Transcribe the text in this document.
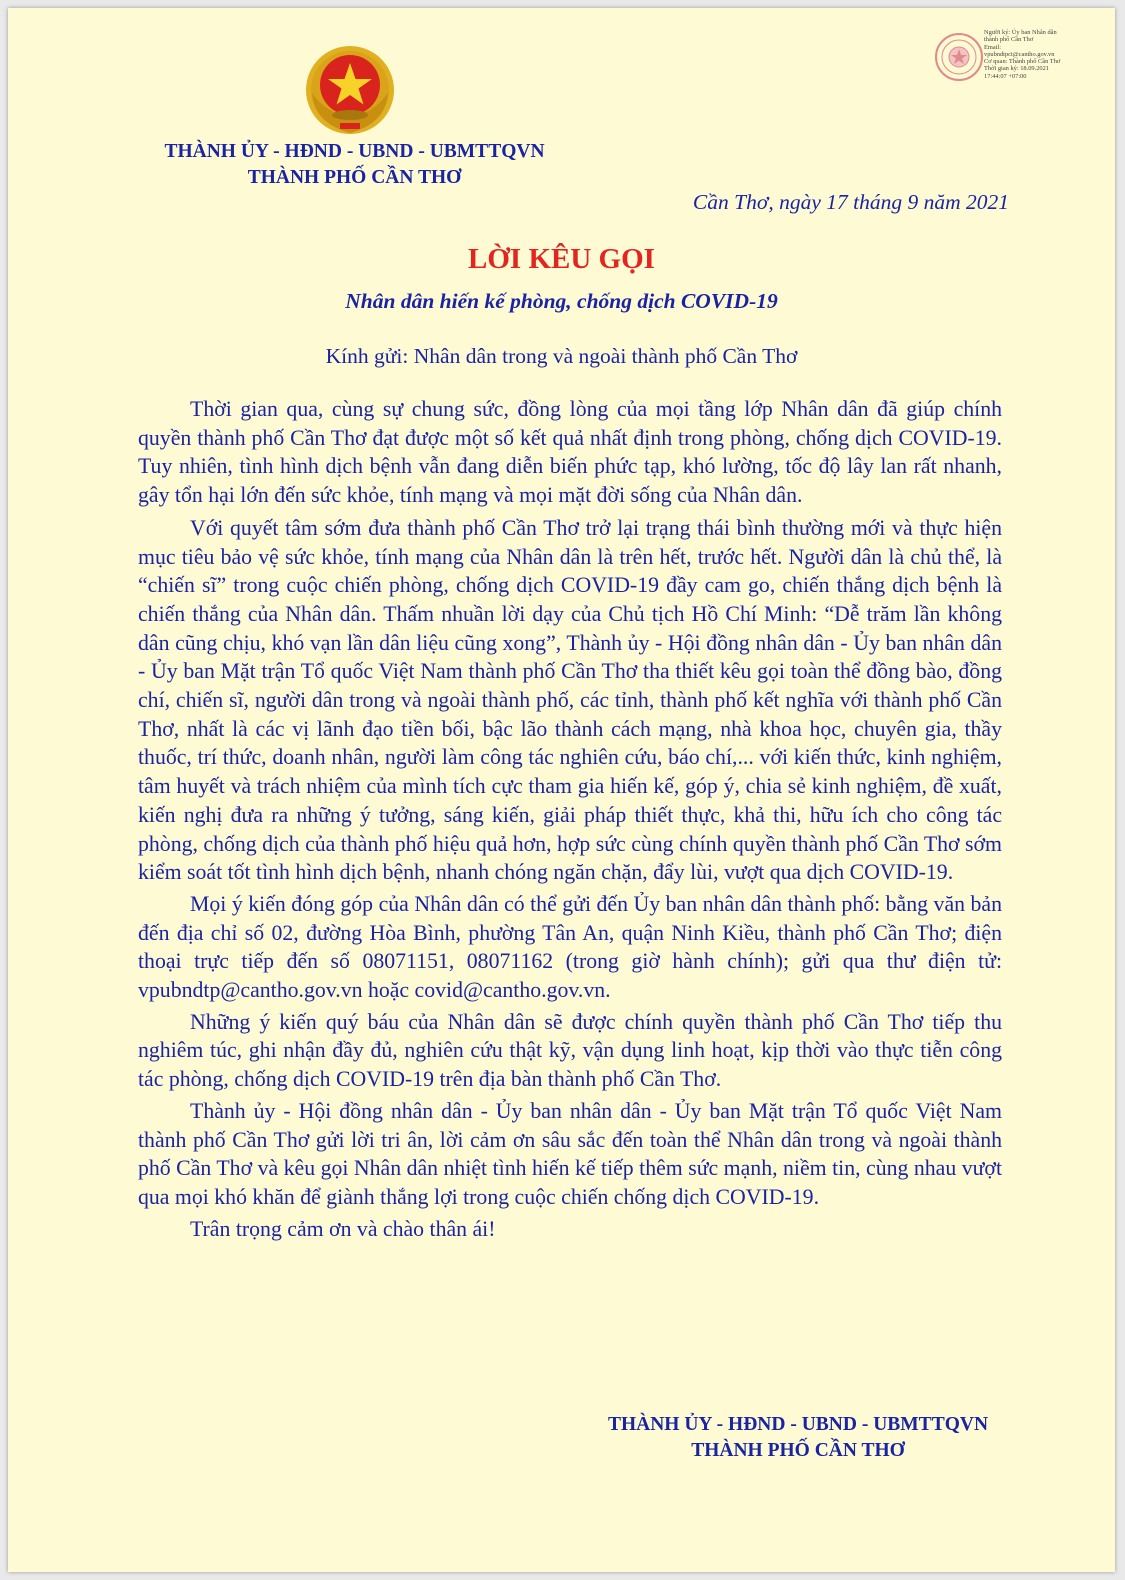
Người ký: Ủy ban Nhân dân
thành phố Cần Thơ
Email:
vpubndtpct@cantho.gov.vn
Cơ quan: Thành phố Cần Thơ
Thời gian ký: 18.09.2021
17:44:07 +07:00
THÀNH ỦY - HĐND - UBND - UBMTTQVN
THÀNH PHỐ CẦN THƠ
Cần Thơ, ngày 17 tháng 9 năm 2021
LỜI KÊU GỌI
Nhân dân hiến kế phòng, chống dịch COVID-19
Kính gửi: Nhân dân trong và ngoài thành phố Cần Thơ

Thời gian qua, cùng sự chung sức, đồng lòng của mọi tầng lớp Nhân dân đã giúp chính quyền thành phố Cần Thơ đạt được một số kết quả nhất định trong phòng, chống dịch COVID-19. Tuy nhiên, tình hình dịch bệnh vẫn đang diễn biến phức tạp, khó lường, tốc độ lây lan rất nhanh, gây tổn hại lớn đến sức khỏe, tính mạng và mọi mặt đời sống của Nhân dân.

Với quyết tâm sớm đưa thành phố Cần Thơ trở lại trạng thái bình thường mới và thực hiện mục tiêu bảo vệ sức khỏe, tính mạng của Nhân dân là trên hết, trước hết. Người dân là chủ thể, là “chiến sĩ” trong cuộc chiến phòng, chống dịch COVID-19 đầy cam go, chiến thắng dịch bệnh là chiến thắng của Nhân dân. Thấm nhuần lời dạy của Chủ tịch Hồ Chí Minh: “Dễ trăm lần không dân cũng chịu, khó vạn lần dân liệu cũng xong”, Thành ủy - Hội đồng nhân dân - Ủy ban nhân dân - Ủy ban Mặt trận Tổ quốc Việt Nam thành phố Cần Thơ tha thiết kêu gọi toàn thể đồng bào, đồng chí, chiến sĩ, người dân trong và ngoài thành phố, các tỉnh, thành phố kết nghĩa với thành phố Cần Thơ, nhất là các vị lãnh đạo tiền bối, bậc lão thành cách mạng, nhà khoa học, chuyên gia, thầy thuốc, trí thức, doanh nhân, người làm công tác nghiên cứu, báo chí,... với kiến thức, kinh nghiệm, tâm huyết và trách nhiệm của mình tích cực tham gia hiến kế, góp ý, chia sẻ kinh nghiệm, đề xuất, kiến nghị đưa ra những ý tưởng, sáng kiến, giải pháp thiết thực, khả thi, hữu ích cho công tác phòng, chống dịch của thành phố hiệu quả hơn, hợp sức cùng chính quyền thành phố Cần Thơ sớm kiểm soát tốt tình hình dịch bệnh, nhanh chóng ngăn chặn, đẩy lùi, vượt qua dịch COVID-19.

Mọi ý kiến đóng góp của Nhân dân có thể gửi đến Ủy ban nhân dân thành phố: bằng văn bản đến địa chỉ số 02, đường Hòa Bình, phường Tân An, quận Ninh Kiều, thành phố Cần Thơ; điện thoại trực tiếp đến số 08071151, 08071162 (trong giờ hành chính); gửi qua thư điện tử: vpubndtp@cantho.gov.vn hoặc covid@cantho.gov.vn.

Những ý kiến quý báu của Nhân dân sẽ được chính quyền thành phố Cần Thơ tiếp thu nghiêm túc, ghi nhận đầy đủ, nghiên cứu thật kỹ, vận dụng linh hoạt, kịp thời vào thực tiễn công tác phòng, chống dịch COVID-19 trên địa bàn thành phố Cần Thơ.

Thành ủy - Hội đồng nhân dân - Ủy ban nhân dân - Ủy ban Mặt trận Tổ quốc Việt Nam thành phố Cần Thơ gửi lời tri ân, lời cảm ơn sâu sắc đến toàn thể Nhân dân trong và ngoài thành phố Cần Thơ và kêu gọi Nhân dân nhiệt tình hiến kế tiếp thêm sức mạnh, niềm tin, cùng nhau vượt qua mọi khó khăn để giành thắng lợi trong cuộc chiến chống dịch COVID-19.

Trân trọng cảm ơn và chào thân ái!

THÀNH ỦY - HĐND - UBND - UBMTTQVN
THÀNH PHỐ CẦN THƠ
